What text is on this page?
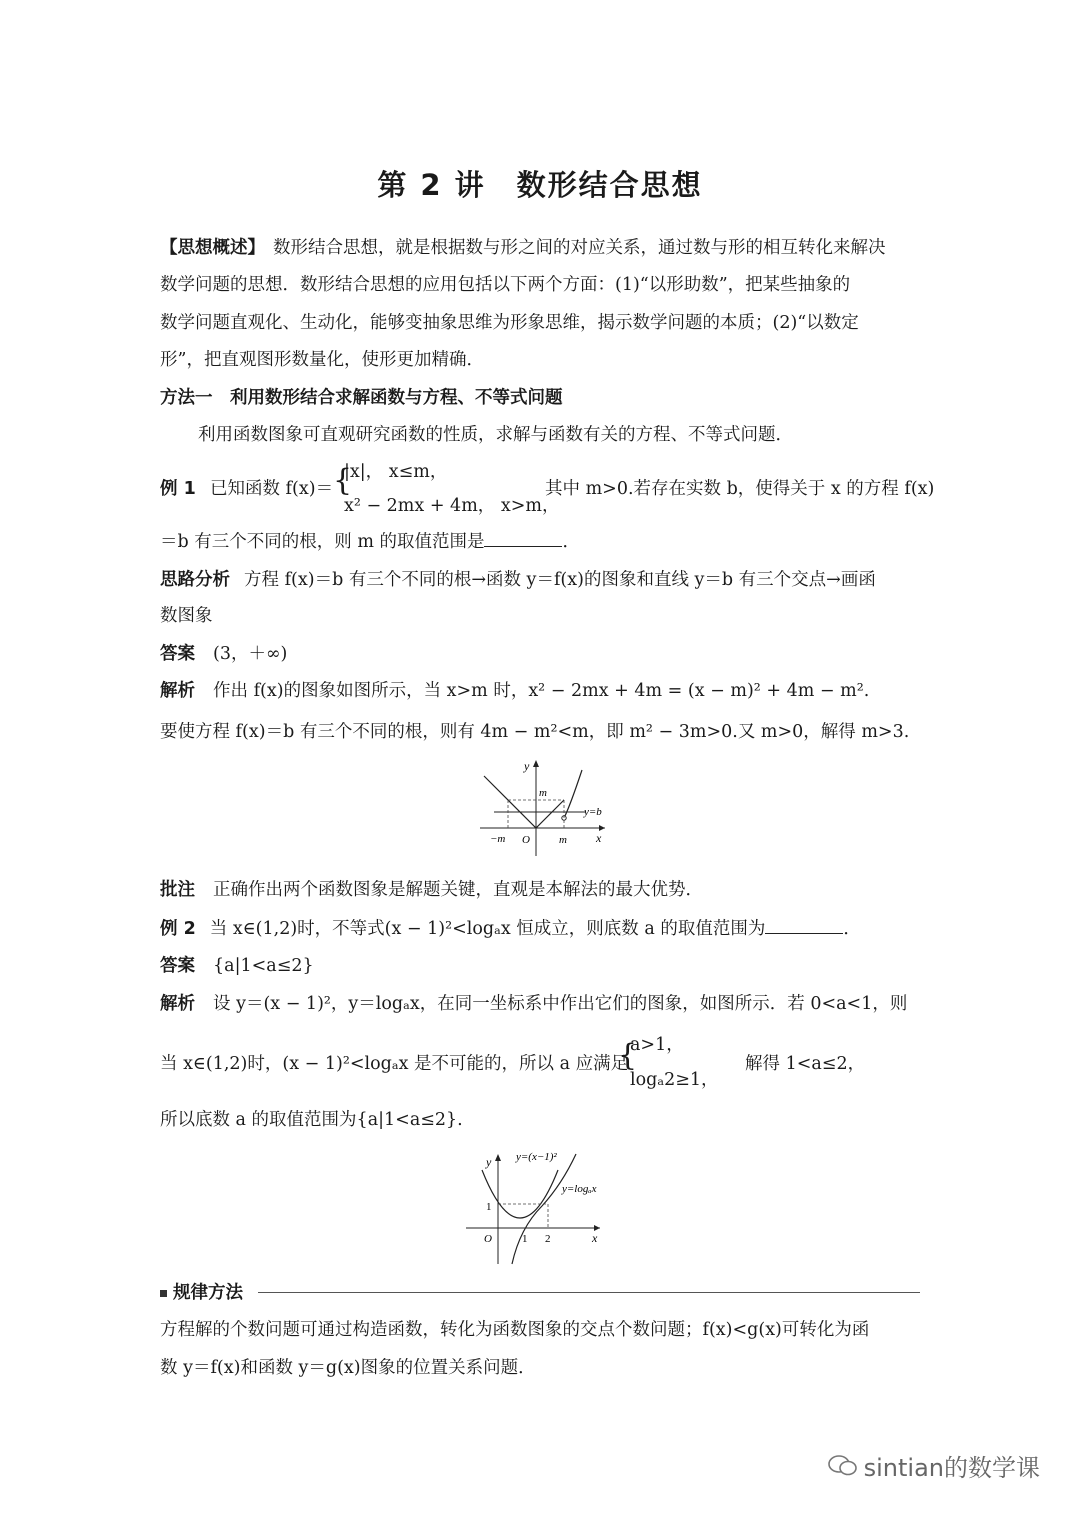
第 2 讲　数形结合思想
【思想概述】 数形结合思想，就是根据数与形之间的对应关系，通过数与形的相互转化来解决
数学问题的思想．数形结合思想的应用包括以下两个方面：(1)“以形助数”，把某些抽象的
数学问题直观化、生动化，能够变抽象思维为形象思维，揭示数学问题的本质；(2)“以数定
形”，把直观图形数量化，使形更加精确．
方法一　利用数形结合求解函数与方程、不等式问题
利用函数图象可直观研究函数的性质，求解与函数有关的方程、不等式问题．
例 1 已知函数 f(x)＝ {
|x|， x≤m，
x² − 2mx + 4m， x>m，
其中 m>0.若存在实数 b，使得关于 x 的方程 f(x)
＝b 有三个不同的根，则 m 的取值范围是	．
思路分析 方程 f(x)＝b 有三个不同的根→函数 y＝f(x)的图象和直线 y＝b 有三个交点→画函
数图象
答案 (3，＋∞)
解析 作出 f(x)的图象如图所示，当 x>m 时，x² − 2mx + 4m = (x − m)² + 4m − m².
要使方程 f(x)＝b 有三个不同的根，则有 4m − m²<m，即 m² − 3m>0.又 m>0，解得 m>3.
y
x
m
−m O	m
y=b
批注 正确作出两个函数图象是解题关键，直观是本解法的最大优势．
例 2 当 x∈(1,2)时，不等式(x − 1)²<logₐx 恒成立，则底数 a 的取值范围为	．
答案 {a|1<a≤2}
解析 设 y＝(x − 1)²，y＝logₐx，在同一坐标系中作出它们的图象，如图所示．若 0<a<1，则
当 x∈(1,2)时，(x − 1)²<logₐx 是不可能的，所以 a 应满足
{
a>1，
logₐ2≥1，
解得 1<a≤2，
所以底数 a 的取值范围为{a|1<a≤2}.
y
x
y=(x−1)²
y=logₐx
1
O	1 2
规律方法
方程解的个数问题可通过构造函数，转化为函数图象的交点个数问题；f(x)<g(x)可转化为函
数 y＝f(x)和函数 y＝g(x)图象的位置关系问题．
sintian的数学课
